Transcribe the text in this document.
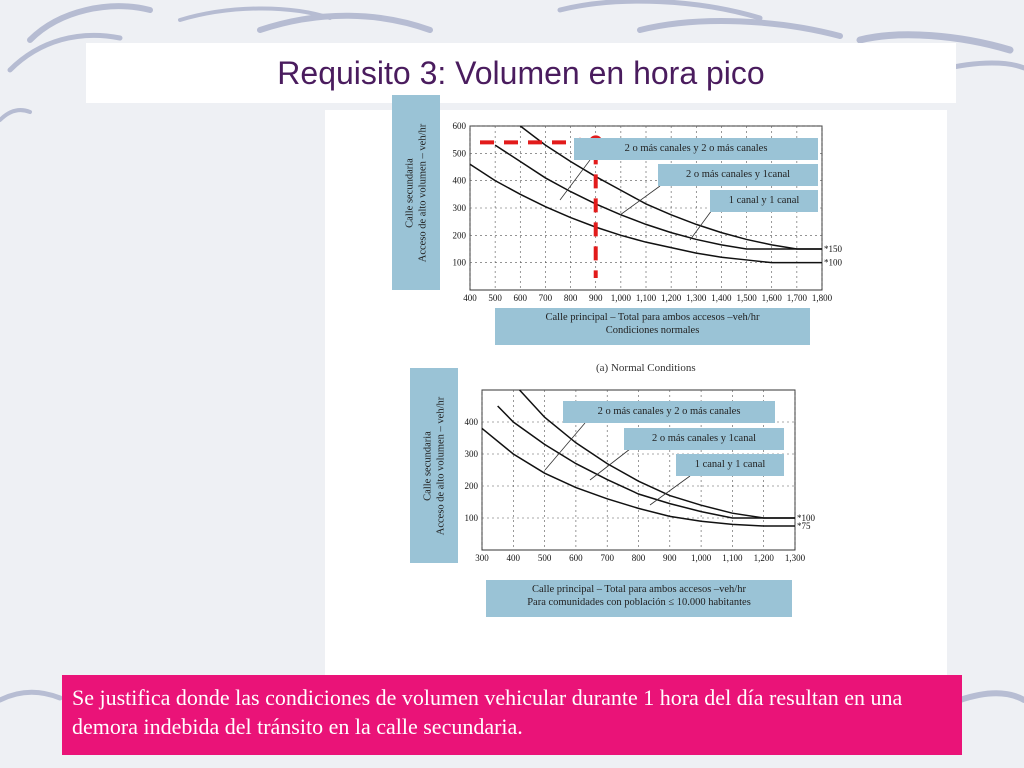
Requisito 3: Volumen en hora pico
400 500 600 700 800 900 1,000 1,100 1,200 1,300 1,400 1,500 1,600 1,700 1,800
100
200
300
400
500
600
*150
*100
300 400 500 600 700 800 900 1,000 1,100 1,200 1,300
100
200
300
400
*100
*75
Calle secundaria Acceso de alto volumen – veh/hr	2 o más canales y 2 o más canales
2 o más canales y 1canal
1 canal y 1 canal
Calle principal – Total para ambos accesos –veh/hr
Condiciones normales
(a) Normal Conditions
Calle secundaria Acceso de alto volumen – veh/hr	2 o más canales y 2 o más canales
2 o más canales y 1canal
1 canal y 1 canal
Calle principal – Total para ambos accesos –veh/hr
Para comunidades con población ≤ 10.000 habitantes
Se justifica donde las condiciones de volumen vehicular durante 1 hora del día resultan en una demora indebida del tránsito en la calle secundaria.
